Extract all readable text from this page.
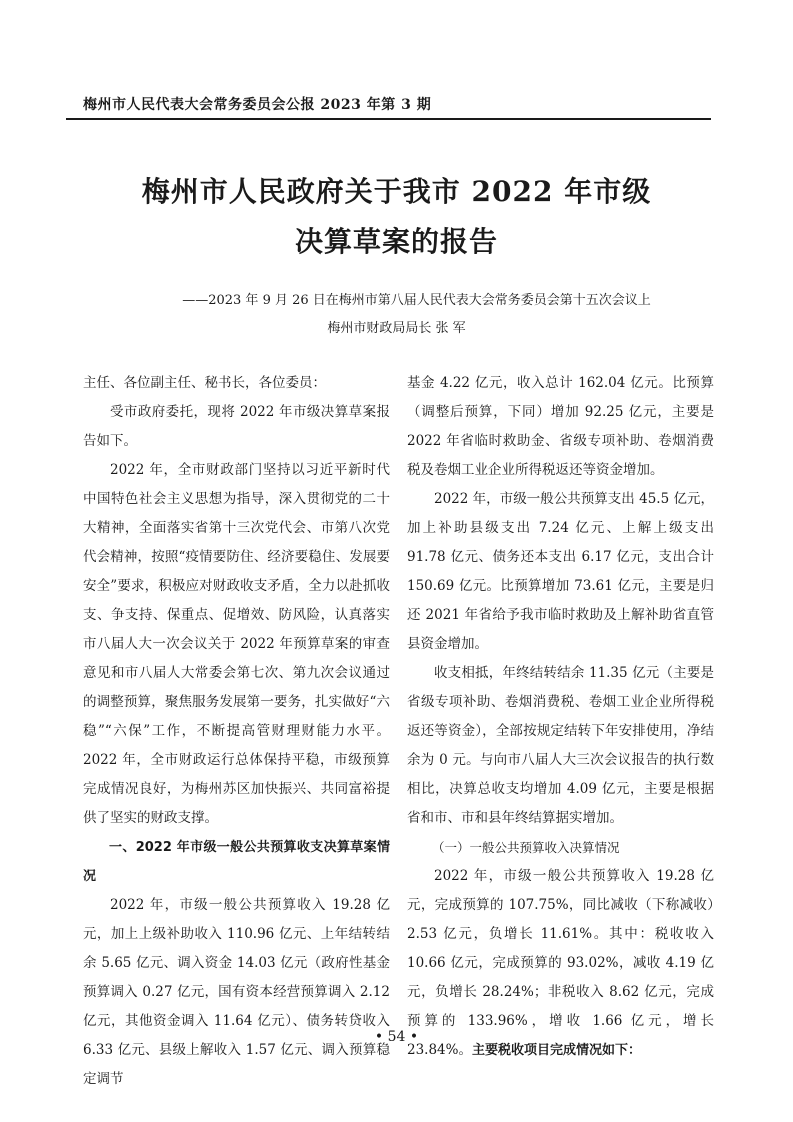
梅州市人民代表大会常务委员会公报 2023 年第 3 期
梅州市人民政府关于我市 2022 年市级
决算草案的报告
——2023 年 9 月 26 日在梅州市第八届人民代表大会常务委员会第十五次会议上
梅州市财政局局长 张 军

主任、各位副主任、秘书长，各位委员：

受市政府委托，现将 2022 年市级决算草案报告如下。

2022 年，全市财政部门坚持以习近平新时代中国特色社会主义思想为指导，深入贯彻党的二十大精神，全面落实省第十三次党代会、市第八次党代会精神，按照“疫情要防住、经济要稳住、发展要安全”要求，积极应对财政收支矛盾，全力以赴抓收支、争支持、保重点、促增效、防风险，认真落实市八届人大一次会议关于 2022 年预算草案的审查意见和市八届人大常委会第七次、第九次会议通过的调整预算，聚焦服务发展第一要务，扎实做好“六稳”“六保”工作，不断提高管财理财能力水平。2022 年，全市财政运行总体保持平稳，市级预算完成情况良好，为梅州苏区加快振兴、共同富裕提供了坚实的财政支撑。

一、2022 年市级一般公共预算收支决算草案情况

2022 年，市级一般公共预算收入 19.28 亿元，加上上级补助收入 110.96 亿元、上年结转结余 5.65 亿元、调入资金 14.03 亿元（政府性基金预算调入 0.27 亿元，国有资本经营预算调入 2.12 亿元，其他资金调入 11.64 亿元）、债务转贷收入 6.33 亿元、县级上解收入 1.57 亿元、调入预算稳定调节

基金 4.22 亿元，收入总计 162.04 亿元。比预算（调整后预算，下同）增加 92.25 亿元，主要是 2022 年省临时救助金、省级专项补助、卷烟消费税及卷烟工业企业所得税返还等资金增加。

2022 年，市级一般公共预算支出 45.5 亿元，加上补助县级支出 7.24 亿元、上解上级支出 91.78 亿元、债务还本支出 6.17 亿元，支出合计 150.69 亿元。比预算增加 73.61 亿元，主要是归还 2021 年省给予我市临时救助及上解补助省直管县资金增加。

收支相抵，年终结转结余 11.35 亿元（主要是省级专项补助、卷烟消费税、卷烟工业企业所得税返还等资金），全部按规定结转下年安排使用，净结余为 0 元。与向市八届人大三次会议报告的执行数相比，决算总收支均增加 4.09 亿元，主要是根据省和市、市和县年终结算据实增加。

（一）一般公共预算收入决算情况

2022 年，市级一般公共预算收入 19.28 亿元，完成预算的 107.75%，同比减收（下称减收）2.53 亿元，负增长 11.61%。其中：税收收入 10.66 亿元，完成预算的 93.02%，减收 4.19 亿元，负增长 28.24%；非税收入 8.62 亿元，完成预算的 133.96%，增收 1.66 亿元，增长 23.84%。主要税收项目完成情况如下：

• 54 •
